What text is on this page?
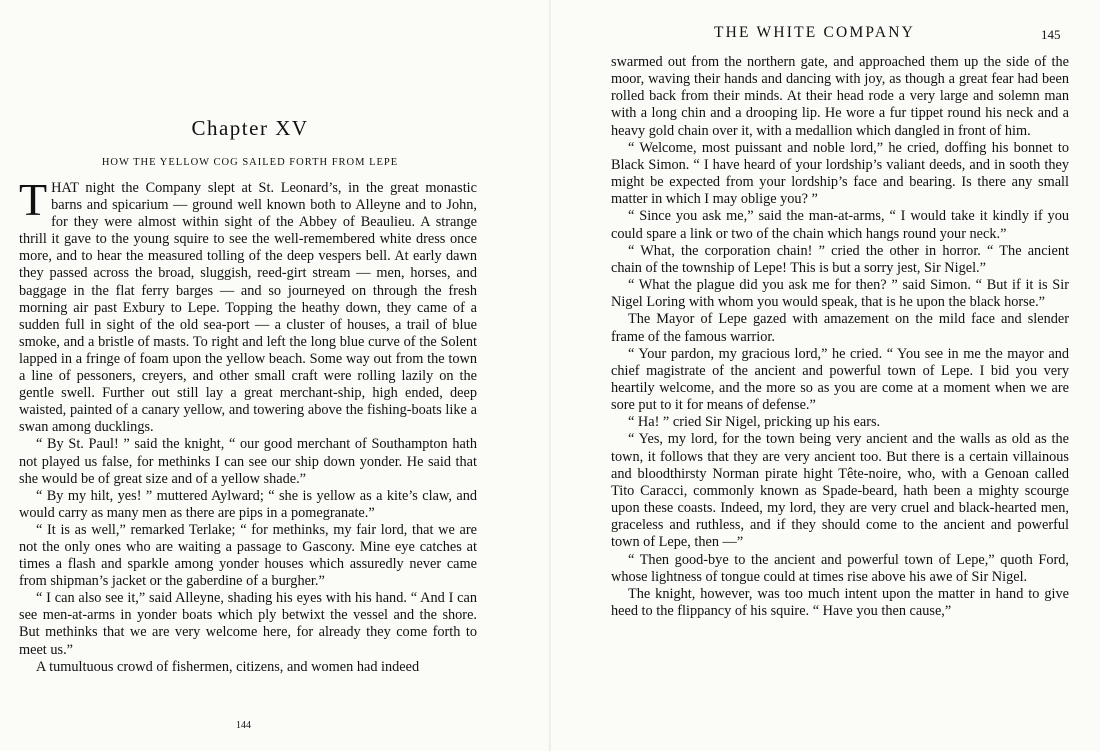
Chapter XV
HOW THE YELLOW COG SAILED FORTH FROM LEPE

THAT night the Company slept at St. Leonard’s, in the great monastic barns and spicarium — ground well known both to Alleyne and to John, for they were almost within sight of the Abbey of Beaulieu. A strange thrill it gave to the young squire to see the well-remembered white dress once more, and to hear the measured tolling of the deep vespers bell. At early dawn they passed across the broad, sluggish, reed-girt stream — men, horses, and baggage in the flat ferry barges — and so journeyed on through the fresh morning air past Exbury to Lepe. Topping the heathy down, they came of a sudden full in sight of the old sea-port — a cluster of houses, a trail of blue smoke, and a bristle of masts. To right and left the long blue curve of the Solent lapped in a fringe of foam upon the yellow beach. Some way out from the town a line of pessoners, creyers, and other small craft were rolling lazily on the gentle swell. Further out still lay a great merchant-ship, high ended, deep waisted, painted of a canary yellow, and towering above the fishing-boats like a swan among ducklings.

“ By St. Paul! ” said the knight, “ our good merchant of Southampton hath not played us false, for methinks I can see our ship down yonder. He said that she would be of great size and of a yellow shade.”

“ By my hilt, yes! ” muttered Aylward; “ she is yellow as a kite’s claw, and would carry as many men as there are pips in a pomegranate.”

“ It is as well,” remarked Terlake; “ for methinks, my fair lord, that we are not the only ones who are waiting a passage to Gascony. Mine eye catches at times a flash and sparkle among yonder houses which assuredly never came from shipman’s jacket or the gaberdine of a burgher.”

“ I can also see it,” said Alleyne, shading his eyes with his hand. “ And I can see men-at-arms in yonder boats which ply betwixt the vessel and the shore. But methinks that we are very welcome here, for already they come forth to meet us.”

A tumultuous crowd of fishermen, citizens, and women had indeed

144
THE WHITE COMPANY	145

swarmed out from the northern gate, and approached them up the side of the moor, waving their hands and dancing with joy, as though a great fear had been rolled back from their minds. At their head rode a very large and solemn man with a long chin and a drooping lip. He wore a fur tippet round his neck and a heavy gold chain over it, with a medallion which dangled in front of him.

“ Welcome, most puissant and noble lord,” he cried, doffing his bonnet to Black Simon. “ I have heard of your lordship’s valiant deeds, and in sooth they might be expected from your lordship’s face and bearing. Is there any small matter in which I may oblige you? ”

“ Since you ask me,” said the man-at-arms, “ I would take it kindly if you could spare a link or two of the chain which hangs round your neck.”

“ What, the corporation chain! ” cried the other in horror. “ The ancient chain of the township of Lepe! This is but a sorry jest, Sir Nigel.”

“ What the plague did you ask me for then? ” said Simon. “ But if it is Sir Nigel Loring with whom you would speak, that is he upon the black horse.”

The Mayor of Lepe gazed with amazement on the mild face and slender frame of the famous warrior.

“ Your pardon, my gracious lord,” he cried. “ You see in me the mayor and chief magistrate of the ancient and powerful town of Lepe. I bid you very heartily welcome, and the more so as you are come at a moment when we are sore put to it for means of defense.”

“ Ha! ” cried Sir Nigel, pricking up his ears.

“ Yes, my lord, for the town being very ancient and the walls as old as the town, it follows that they are very ancient too. But there is a certain villainous and bloodthirsty Norman pirate hight Tête-noire, who, with a Genoan called Tito Caracci, commonly known as Spade-beard, hath been a mighty scourge upon these coasts. Indeed, my lord, they are very cruel and black-hearted men, graceless and ruthless, and if they should come to the ancient and powerful town of Lepe, then —”

“ Then good-bye to the ancient and powerful town of Lepe,” quoth Ford, whose lightness of tongue could at times rise above his awe of Sir Nigel.

The knight, however, was too much intent upon the matter in hand to give heed to the flippancy of his squire. “ Have you then cause,”
